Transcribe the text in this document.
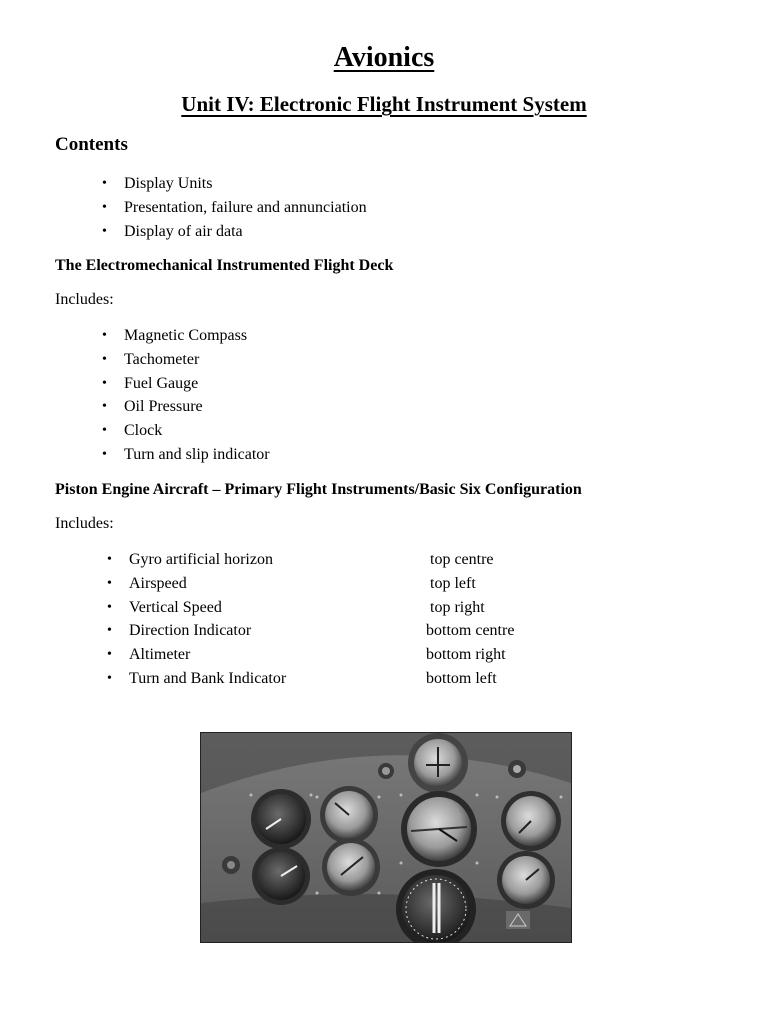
Avionics
Unit IV: Electronic Flight Instrument System
Contents
• Display Units
• Presentation, failure and annunciation
• Display of air data
The Electromechanical Instrumented Flight Deck

Includes:

• Magnetic Compass
• Tachometer
• Fuel Gauge
• Oil Pressure
• Clock
• Turn and slip indicator
Piston Engine Aircraft – Primary Flight Instruments/Basic Six Configuration

Includes:

• Gyro artificial horizon	top centre
• Airspeed	top left
• Vertical Speed	top right
• Direction Indicator	bottom centre
• Altimeter	bottom right
• Turn and Bank Indicator	bottom left
